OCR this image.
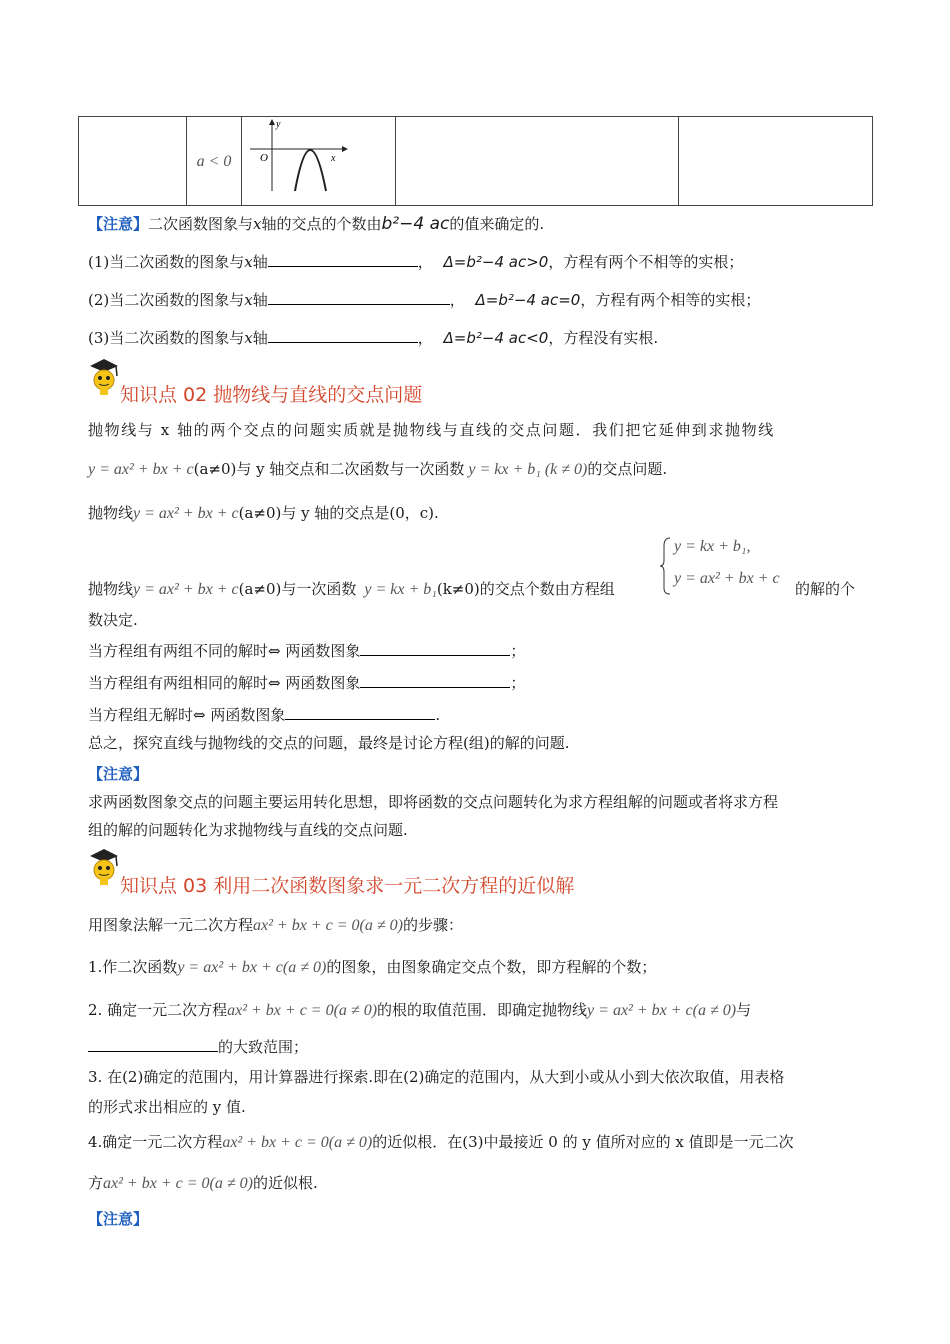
	a < 0	
y
O	x

【注意】二次函数图象与x轴的交点的个数由b²−4 ac的值来确定的.
(1)当二次函数的图象与x轴	， Δ=b²−4 ac>0，方程有两个不相等的实根；
(2)当二次函数的图象与x轴	， Δ=b²−4 ac=0，方程有两个相等的实根；
(3)当二次函数的图象与x轴	， Δ=b²−4 ac<0，方程没有实根.
知识点 02 抛物线与直线的交点问题
抛物线与 x 轴的两个交点的问题实质就是抛物线与直线的交点问题．我们把它延伸到求抛物线
y = ax² + bx + c(a≠0)与 y 轴交点和二次函数与一次函数 y = kx + b₁ (k ≠ 0)的交点问题.
抛物线y = ax² + bx + c(a≠0)与 y 轴的交点是(0，c).
抛物线y = ax² + bx + c(a≠0)与一次函数 y = kx + b₁(k≠0)的交点个数由方程组
y = kx + b₁,
y = ax² + bx + c
的解的个
数决定.
当方程组有两组不同的解时⇔ 两函数图象	；
当方程组有两组相同的解时⇔ 两函数图象	；
当方程组无解时⇔ 两函数图象	.
总之，探究直线与抛物线的交点的问题，最终是讨论方程(组)的解的问题.
【注意】
求两函数图象交点的问题主要运用转化思想，即将函数的交点问题转化为求方程组解的问题或者将求方程
组的解的问题转化为求抛物线与直线的交点问题.
知识点 03 利用二次函数图象求一元二次方程的近似解
用图象法解一元二次方程ax² + bx + c = 0(a ≠ 0)的步骤：
1.作二次函数y = ax² + bx + c(a ≠ 0)的图象，由图象确定交点个数，即方程解的个数；
2. 确定一元二次方程ax² + bx + c = 0(a ≠ 0)的根的取值范围．即确定抛物线y = ax² + bx + c(a ≠ 0)与
的大致范围；
3. 在(2)确定的范围内，用计算器进行探索.即在(2)确定的范围内，从大到小或从小到大依次取值，用表格
的形式求出相应的 y 值.
4.确定一元二次方程ax² + bx + c = 0(a ≠ 0)的近似根．在(3)中最接近 0 的 y 值所对应的 x 值即是一元二次
方ax² + bx + c = 0(a ≠ 0)的近似根.
【注意】
